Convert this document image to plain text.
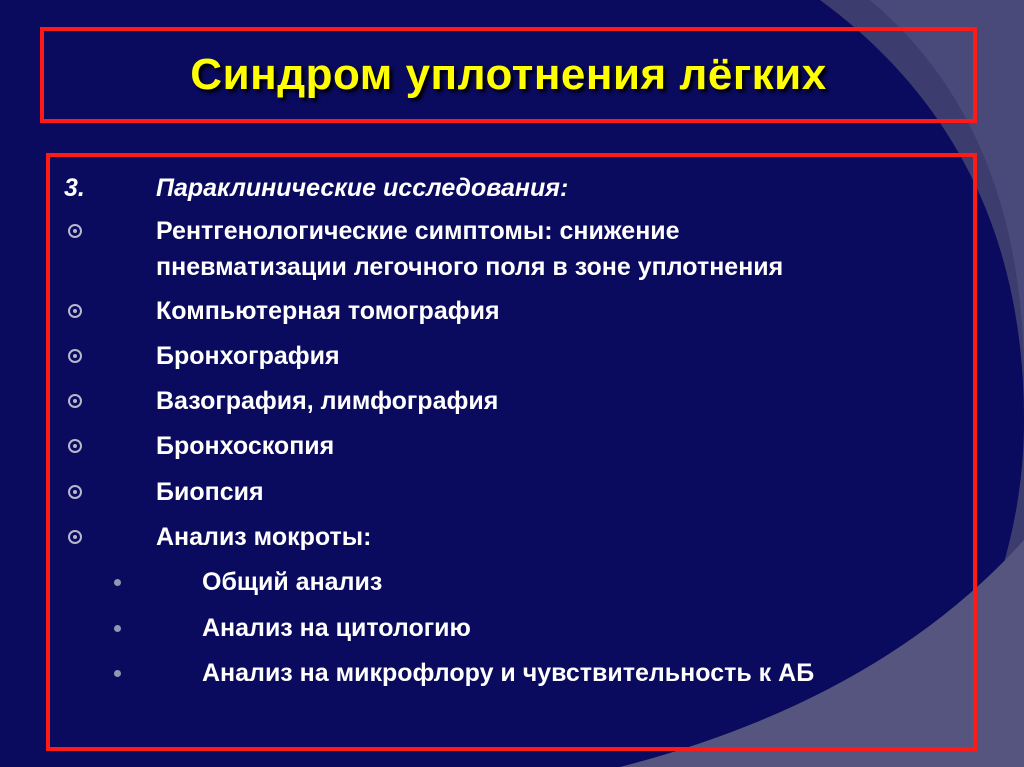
Синдром уплотнения лёгких
3.	Параклинические исследования:
Рентгенологические симптомы: снижение
пневматизации легочного поля в зоне уплотнения
Компьютерная томография
Бронхография
Вазография, лимфография
Бронхоскопия
Биопсия
Анализ мокроты:
Общий анализ
Анализ на цитологию
Анализ на микрофлору и чувствительность к АБ
